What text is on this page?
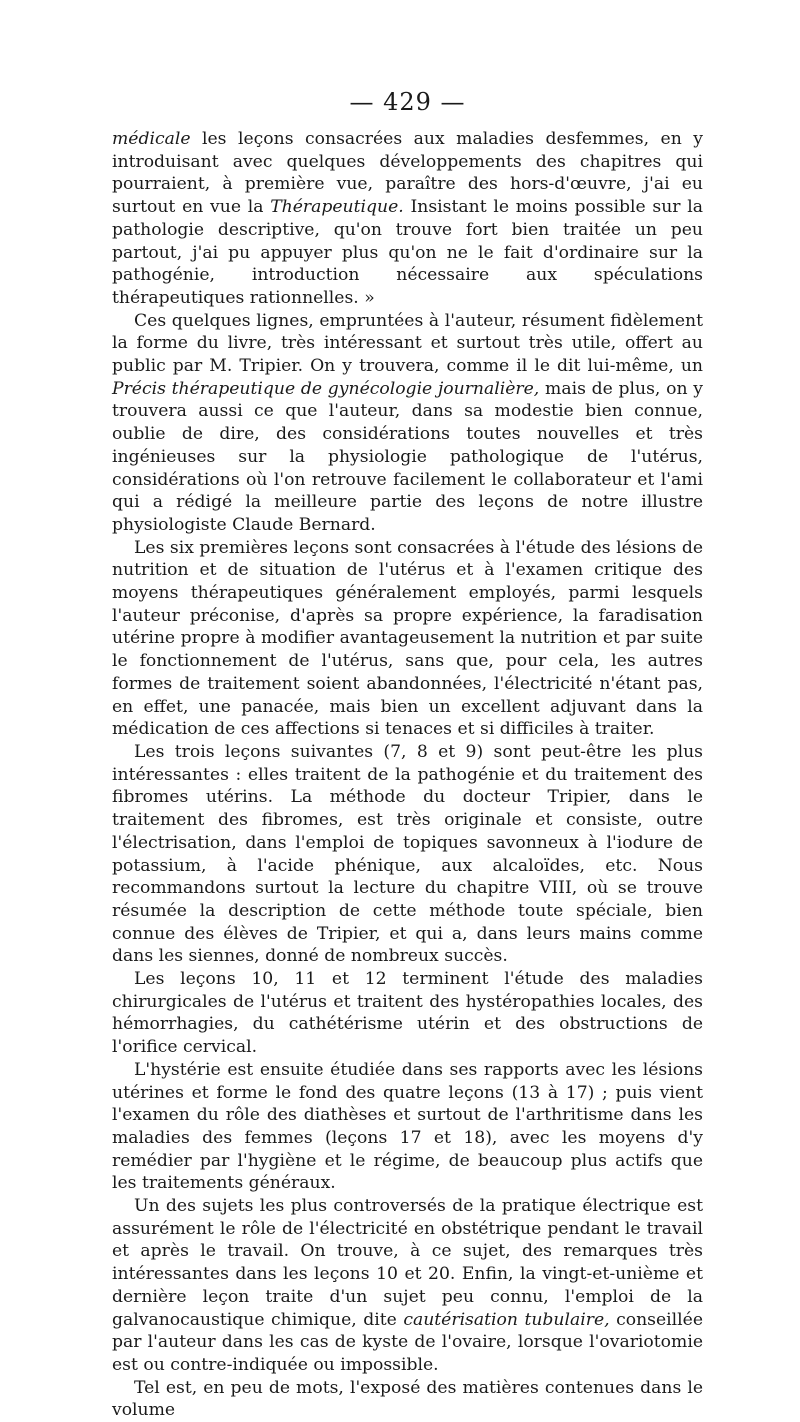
— 429 —

médicale les leçons consacrées aux maladies desfemmes, en y introduisant avec quelques développements des chapitres qui pourraient, à première vue, paraître des hors-d'œuvre, j'ai eu surtout en vue la Thérapeutique. Insistant le moins possible sur la pathologie descriptive, qu'on trouve fort bien traitée un peu partout, j'ai pu appuyer plus qu'on ne le fait d'ordinaire sur la pathogénie, introduction nécessaire aux spéculations thérapeutiques rationnelles. »

Ces quelques lignes, empruntées à l'auteur, résument fidèlement la forme du livre, très intéressant et surtout très utile, offert au public par M. Tripier. On y trouvera, comme il le dit lui-même, un Précis thérapeutique de gynécologie journalière, mais de plus, on y trouvera aussi ce que l'auteur, dans sa modestie bien connue, oublie de dire, des considérations toutes nouvelles et très ingénieuses sur la physiologie pathologique de l'utérus, considérations où l'on retrouve facilement le collaborateur et l'ami qui a rédigé la meilleure partie des leçons de notre illustre physiologiste Claude Bernard.

Les six premières leçons sont consacrées à l'étude des lésions de nutrition et de situation de l'utérus et à l'examen critique des moyens thérapeutiques généralement employés, parmi lesquels l'auteur préconise, d'après sa propre expérience, la faradisation utérine propre à modifier avantageusement la nutrition et par suite le fonctionnement de l'utérus, sans que, pour cela, les autres formes de traitement soient abandonnées, l'électricité n'étant pas, en effet, une panacée, mais bien un excellent adjuvant dans la médication de ces affections si tenaces et si difficiles à traiter.

Les trois leçons suivantes (7, 8 et 9) sont peut-être les plus intéressantes : elles traitent de la pathogénie et du traitement des fibromes utérins. La méthode du docteur Tripier, dans le traitement des fibromes, est très originale et consiste, outre l'électrisation, dans l'emploi de topiques savonneux à l'iodure de potassium, à l'acide phénique, aux alcaloïdes, etc. Nous recommandons surtout la lecture du chapitre VIII, où se trouve résumée la description de cette méthode toute spéciale, bien connue des élèves de Tripier, et qui a, dans leurs mains comme dans les siennes, donné de nombreux succès.

Les leçons 10, 11 et 12 terminent l'étude des maladies chirurgicales de l'utérus et traitent des hystéropathies locales, des hémorrhagies, du cathétérisme utérin et des obstructions de l'orifice cervical.

L'hystérie est ensuite étudiée dans ses rapports avec les lésions utérines et forme le fond des quatre leçons (13 à 17) ; puis vient l'examen du rôle des diathèses et surtout de l'arthritisme dans les maladies des femmes (leçons 17 et 18), avec les moyens d'y remédier par l'hygiène et le régime, de beaucoup plus actifs que les traitements généraux.

Un des sujets les plus controversés de la pratique électrique est assurément le rôle de l'électricité en obstétrique pendant le travail et après le travail. On trouve, à ce sujet, des remarques très intéressantes dans les leçons 10 et 20. Enfin, la vingt-et-unième et dernière leçon traite d'un sujet peu connu, l'emploi de la galvanocaustique chimique, dite cautérisation tubulaire, conseillée par l'auteur dans les cas de kyste de l'ovaire, lorsque l'ovariotomie est ou contre-indiquée ou impossible.

Tel est, en peu de mots, l'exposé des matières contenues dans le volume
